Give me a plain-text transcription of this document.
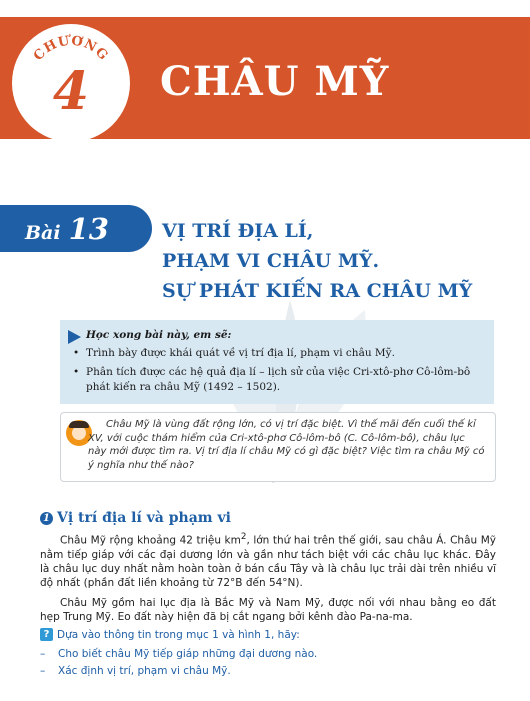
CHƯƠNG
4	CHÂU MỸ
Bài 13	VỊ TRÍ ĐỊA LÍ,
PHẠM VI CHÂU MỸ.
SỰ PHÁT KIẾN RA CHÂU MỸ
Học xong bài này, em sẽ:
• Trình bày được khái quát về vị trí địa lí, phạm vi châu Mỹ.
• Phân tích được các hệ quả địa lí – lịch sử của việc Cri-xtô-phơ Cô-lôm-bô phát kiến ra châu Mỹ (1492 – 1502).
Châu Mỹ là vùng đất rộng lớn, có vị trí đặc biệt. Vì thế mãi đến cuối thế kỉ XV, với cuộc thám hiểm của Cri-xtô-phơ Cô-lôm-bô (C. Cô-lôm-bô), châu lục này mới được tìm ra. Vị trí địa lí châu Mỹ có gì đặc biệt? Việc tìm ra châu Mỹ có ý nghĩa như thế nào?
1 Vị trí địa lí và phạm vi
Châu Mỹ rộng khoảng 42 triệu $km^2$, lớn thứ hai trên thế giới, sau châu Á. Châu Mỹ nằm tiếp giáp với các đại dương lớn và gần như tách biệt với các châu lục khác. Đây là châu lục duy nhất nằm hoàn toàn ở bán cầu Tây và là châu lục trải dài trên nhiều vĩ độ nhất (phần đất liền khoảng từ 72°B đến 54°N).
Châu Mỹ gồm hai lục địa là Bắc Mỹ và Nam Mỹ, được nối với nhau bằng eo đất hẹp Trung Mỹ. Eo đất này hiện đã bị cắt ngang bởi kênh đào Pa-na-ma.
? Dựa vào thông tin trong mục 1 và hình 1, hãy:
– Cho biết châu Mỹ tiếp giáp những đại dương nào.
– Xác định vị trí, phạm vi châu Mỹ.
